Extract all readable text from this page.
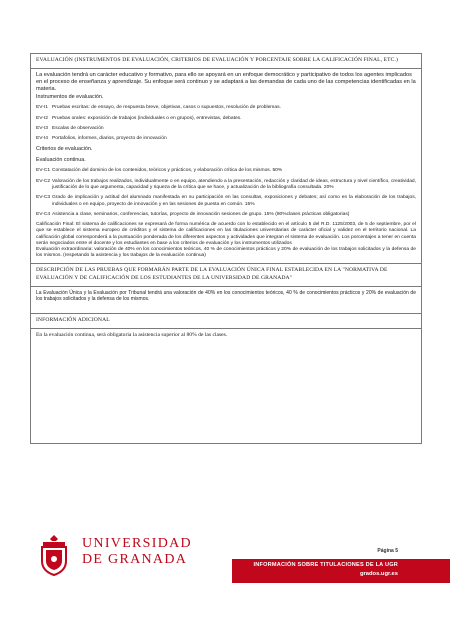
EVALUACIÓN (INSTRUMENTOS DE EVALUACIÓN, CRITERIOS DE EVALUACIÓN Y PORCENTAJE SOBRE LA CALIFICACIÓN FINAL, ETC.)

La evaluación tendrá un carácter educativo y formativo, para ello se apoyará en un enfoque democrático y participativo de todos los agentes implicados en el proceso de enseñanza y aprendizaje. Su enfoque será continuo y se adaptará a las demandas de cada uno de las competencias identificadas en la materia.

Instrumentos de evaluación.
EV-I1 Pruebas escritas: de ensayo, de respuesta breve, objetivas, casos o supuestos, resolución de problemas.
EV-I2 Pruebas orales: exposición de trabajos (individuales o en grupos), entrevistas, debates.
EV-I3 Escalas de observación
EV-I4 Portafolios, informes, diarios, proyecto de innovación
Criterios de evaluación.
Evaluación continua.
EV-C1 Constatación del dominio de los contenidos, teóricos y prácticos, y elaboración crítica de los mismos. 50%
EV-C2 Valoración de los trabajos realizados, individualmente o en equipo, atendiendo a la presentación, redacción y claridad de ideas, estructura y nivel científico, creatividad, justificación de lo que argumenta, capacidad y riqueza de la crítica que se hace, y actualización de la bibliografía consultada. 20%
EV-C3 Grado de implicación y actitud del alumnado manifestada en su participación en las consultas, exposiciones y debates; así como en la elaboración de los trabajos, individuales o en equipo, proyecto de innovación y en las sesiones de puesta en común. 15%
EV-C4 Asistencia a clase, seminarios, conferencias, tutorías, proyecto de innovación sesiones de grupo. 15% (80%clases prácticas obligatorias)

Calificación Final: El sistema de calificaciones se expresará de forma numérica de acuerdo con lo establecido en el artículo 5 del R.D. 1125/2003, de 5 de septiembre, por el que se establece el sistema europeo de créditos y el sistema de calificaciones en las titulaciones universitarias de carácter oficial y validez en el territorio nacional. La calificación global corresponderá a la puntuación ponderada de los diferentes aspectos y actividades que integran el sistema de evaluación. Los porcentajes a tener en cuenta serán negociados entre el docente y los estudiantes en base a los criterios de evaluación y los instrumentos utilizados

Evaluación extraordinaria: valoración de 40% en los conocimientos teóricos, 40 % de conocimientos prácticos y 20% de evaluación de los trabajos solicitados y la defensa de los mismos. (respetando la asistencia y los trabajos de la evaluación continua)

DESCRIPCIÓN DE LAS PRUEBAS QUE FORMARÁN PARTE DE LA EVALUACIÓN ÚNICA FINAL ESTABLECIDA EN LA "NORMATIVA DE EVALUACIÓN Y DE CALIFICACIÓN DE LOS ESTUDIANTES DE LA UNIVERSIDAD DE GRANADA"
La Evaluación Única y la Evaluación por Tribunal tendrá una valoración de 40% en los conocimientos teóricos, 40 % de conocimientos prácticos y 20% de evaluación de los trabajos solicitados y la defensa de los mismos.
INFORMACIÓN ADICIONAL
En la evaluación continua, será obligatoria la asistencia superior al 80% de las clases.
UNIVERSIDAD
DE GRANADA
Página 5
INFORMACIÓN SOBRE TITULACIONES DE LA UGR
grados.ugr.es
